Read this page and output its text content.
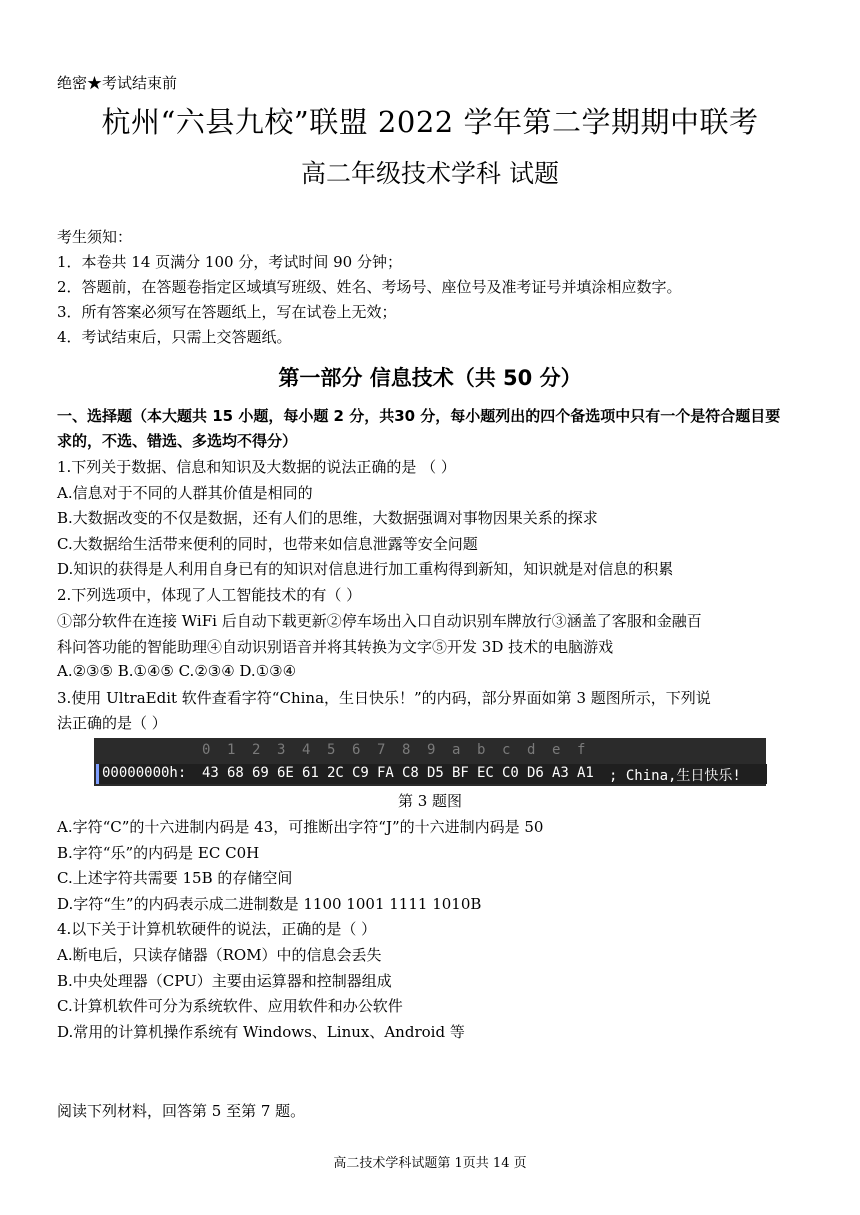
绝密★考试结束前
杭州“六县九校”联盟 2022 学年第二学期期中联考
高二年级技术学科 试题
考生须知：
1．本卷共 14 页满分 100 分，考试时间 90 分钟；
2．答题前，在答题卷指定区域填写班级、姓名、考场号、座位号及准考证号并填涂相应数字。
3．所有答案必须写在答题纸上，写在试卷上无效；
4．考试结束后，只需上交答题纸。
第一部分 信息技术（共 50 分）
一、选择题（本大题共 15 小题，每小题 2 分，共30 分，每小题列出的四个备选项中只有一个是符合题目要
求的，不选、错选、多选均不得分）
1.下列关于数据、信息和知识及大数据的说法正确的是 （ ）
A.信息对于不同的人群其价值是相同的
B.大数据改变的不仅是数据，还有人们的思维，大数据强调对事物因果关系的探求
C.大数据给生活带来便利的同时，也带来如信息泄露等安全问题
D.知识的获得是人利用自身已有的知识对信息进行加工重构得到新知，知识就是对信息的积累
2.下列选项中，体现了人工智能技术的有（ ）
①部分软件在连接 WiFi 后自动下载更新②停车场出入口自动识别车牌放行③涵盖了客服和金融百
科问答功能的智能助理④自动识别语音并将其转换为文字⑤开发 3D 技术的电脑游戏
A.②③⑤ B.①④⑤ C.②③④ D.①③④
3.使用 UltraEdit 软件查看字符“China，生日快乐！”的内码，部分界面如第 3 题图所示，下列说
法正确的是（ ）
0 1 2 3 4 5 6 7 8 9 a b c d e f
00000000h: 43 68 69 6E 61 2C C9 FA C8 D5 BF EC C0 D6 A3 A1 ; China,生日快乐!
第 3 题图
A.字符“C”的十六进制内码是 43，可推断出字符“J”的十六进制内码是 50
B.字符“乐”的内码是 EC C0H
C.上述字符共需要 15B 的存储空间
D.字符“生”的内码表示成二进制数是 1100 1001 1111 1010B
4.以下关于计算机软硬件的说法，正确的是（ ）
A.断电后，只读存储器（ROM）中的信息会丢失
B.中央处理器（CPU）主要由运算器和控制器组成
C.计算机软件可分为系统软件、应用软件和办公软件
D.常用的计算机操作系统有 Windows、Linux、Android 等
阅读下列材料，回答第 5 至第 7 题。
高二技术学科试题第 1页共 14 页
